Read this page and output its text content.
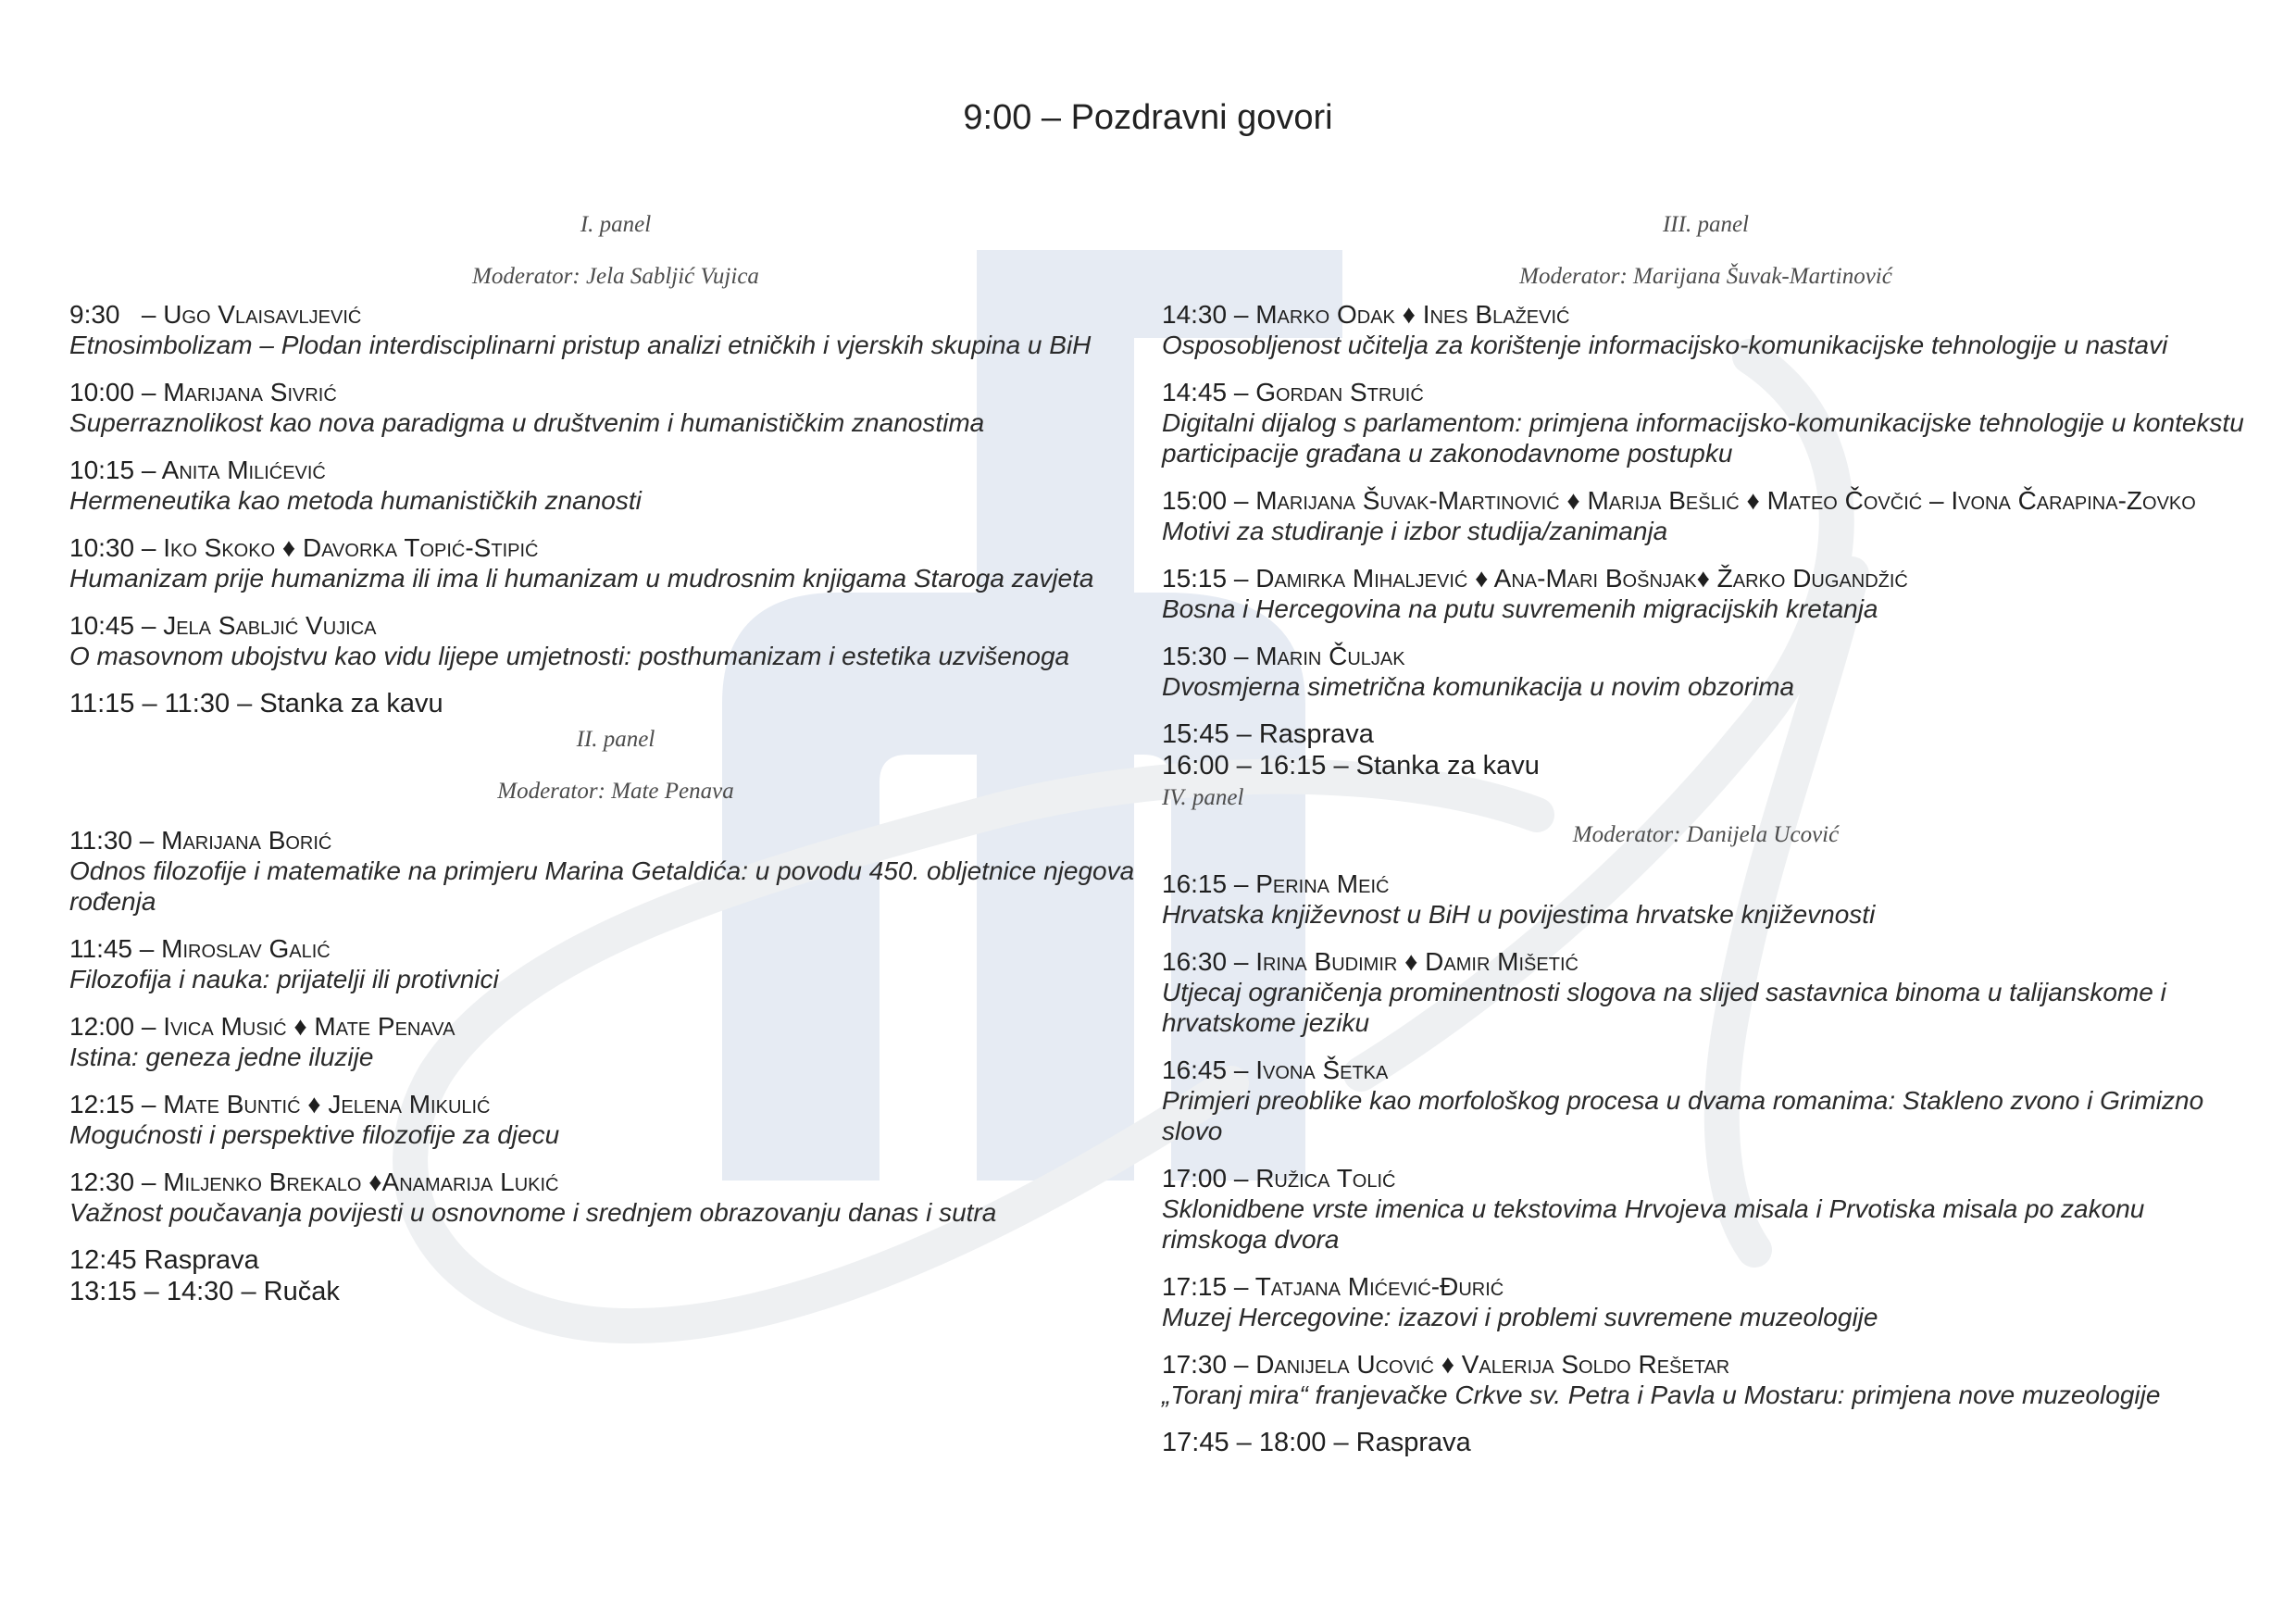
9:00 – Pozdravni govori
I. panel
Moderator: Jela Sabljić Vujica
9:30 – Ugo Vlaisavljević
Etnosimbolizam – Plodan interdisciplinarni pristup analizi etničkih i vjerskih skupina u BiH
10:00 – Marijana Sivrić
Superraznolikost kao nova paradigma u društvenim i humanističkim znanostima
10:15 – Anita Milićević
Hermeneutika kao metoda humanističkih znanosti
10:30 – Iko Skoko ♦ Davorka Topić-Stipić
Humanizam prije humanizma ili ima li humanizam u mudrosnim knjigama Staroga zavjeta
10:45 – Jela Sabljić Vujica
O masovnom ubojstvu kao vidu lijepe umjetnosti: posthumanizam i estetika uzvišenoga
11:15 – 11:30 – Stanka za kavu
II. panel
Moderator: Mate Penava
11:30 – Marijana Borić
Odnos filozofije i matematike na primjeru Marina Getaldića: u povodu 450. obljetnice njegova rođenja
11:45 – Miroslav Galić
Filozofija i nauka: prijatelji ili protivnici
12:00 – Ivica Musić ♦ Mate Penava
Istina: geneza jedne iluzije
12:15 – Mate Buntić ♦ Jelena Mikulić
Mogućnosti i perspektive filozofije za djecu
12:30 – Miljenko Brekalo ♦Anamarija Lukić
Važnost poučavanja povijesti u osnovnome i srednjem obrazovanju danas i sutra
12:45 Rasprava
13:15 – 14:30 – Ručak
III. panel
Moderator: Marijana Šuvak-Martinović
14:30 – Marko Odak ♦ Ines Blažević
Osposobljenost učitelja za korištenje informacijsko-komunikacijske tehnologije u nastavi
14:45 – Gordan Struić
Digitalni dijalog s parlamentom: primjena informacijsko-komunikacijske tehnologije u kontekstu participacije građana u zakonodavnome postupku
15:00 – Marijana Šuvak-Martinović ♦ Marija Bešlić ♦ Mateo Čovčić – Ivona Čarapina-Zovko
Motivi za studiranje i izbor studija/zanimanja
15:15 – Damirka Mihaljević ♦ Ana-Mari Bošnjak♦ Žarko Dugandžić
Bosna i Hercegovina na putu suvremenih migracijskih kretanja
15:30 – Marin Čuljak
Dvosmjerna simetrična komunikacija u novim obzorima
15:45 – Rasprava
16:00 – 16:15 – Stanka za kavu
IV. panel
Moderator: Danijela Ucović
16:15 – Perina Meić
Hrvatska književnost u BiH u povijestima hrvatske književnosti
16:30 – Irina Budimir ♦ Damir Mišetić
Utjecaj ograničenja prominentnosti slogova na slijed sastavnica binoma u talijanskome i hrvatskome jeziku
16:45 – Ivona Šetka
Primjeri preoblike kao morfološkog procesa u dvama romanima: Stakleno zvono i Grimizno slovo
17:00 – Ružica Tolić
Sklonidbene vrste imenica u tekstovima Hrvojeva misala i Prvotiska misala po zakonu rimskoga dvora
17:15 – Tatjana Mićević-Đurić
Muzej Hercegovine: izazovi i problemi suvremene muzeologije
17:30 – Danijela Ucović ♦ Valerija Soldo Rešetar
„Toranj mira“ franjevačke Crkve sv. Petra i Pavla u Mostaru: primjena nove muzeologije
17:45 – 18:00 – Rasprava
